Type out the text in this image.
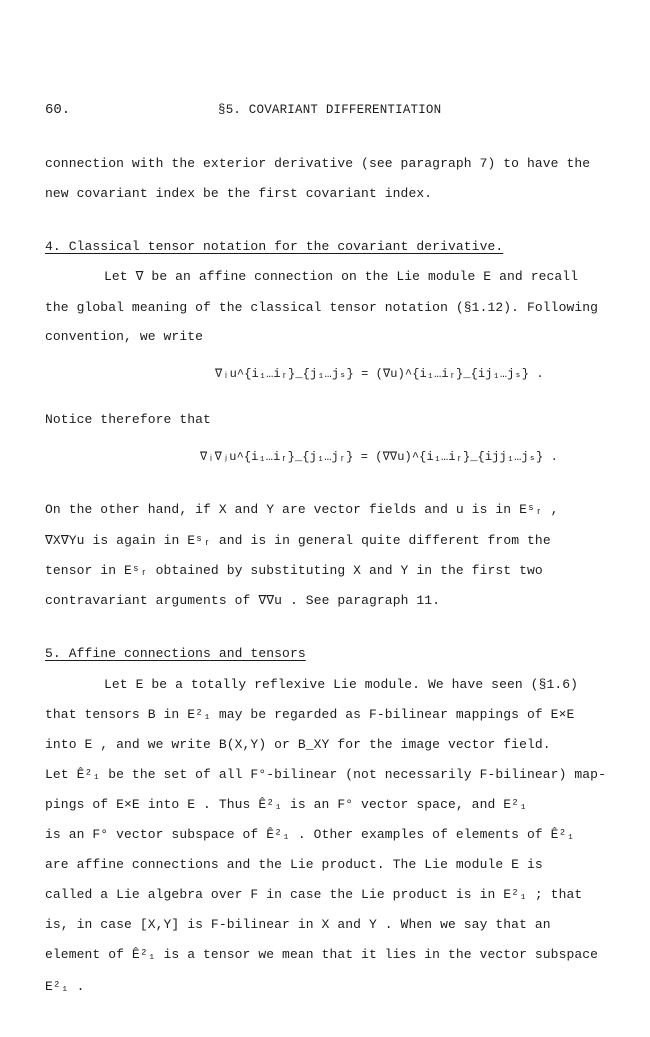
60.	§5. COVARIANT DIFFERENTIATION
connection with the exterior derivative (see paragraph 7) to have the
new covariant index be the first covariant index.
4. Classical tensor notation for the covariant derivative.
Let ∇ be an affine connection on the Lie module E and recall
the global meaning of the classical tensor notation (§1.12). Following
convention, we write
∇ᵢu^{i₁…iᵣ}_{j₁…jₛ} = (∇u)^{i₁…iᵣ}_{ij₁…jₛ} .
Notice therefore that
∇ᵢ∇ⱼu^{i₁…iᵣ}_{j₁…jᵣ} = (∇∇u)^{i₁…iᵣ}_{ijj₁…jₛ} .
On the other hand, if X and Y are vector fields and u is in Eˢᵣ ,
∇X∇Yu is again in Eˢᵣ and is in general quite different from the
tensor in Eˢᵣ obtained by substituting X and Y in the first two
contravariant arguments of ∇∇u . See paragraph 11.
5. Affine connections and tensors
Let E be a totally reflexive Lie module. We have seen (§1.6)
that tensors B in E²₁ may be regarded as F-bilinear mappings of E×E
into E , and we write B(X,Y) or B_XY for the image vector field.
Let Ê²₁ be the set of all F°-bilinear (not necessarily F-bilinear) map-
pings of E×E into E . Thus Ê²₁ is an F° vector space, and E²₁
is an F° vector subspace of Ê²₁ . Other examples of elements of Ê²₁
are affine connections and the Lie product. The Lie module E is
called a Lie algebra over F in case the Lie product is in E²₁ ; that
is, in case [X,Y] is F-bilinear in X and Y . When we say that an
element of Ê²₁ is a tensor we mean that it lies in the vector subspace
E²₁ .
